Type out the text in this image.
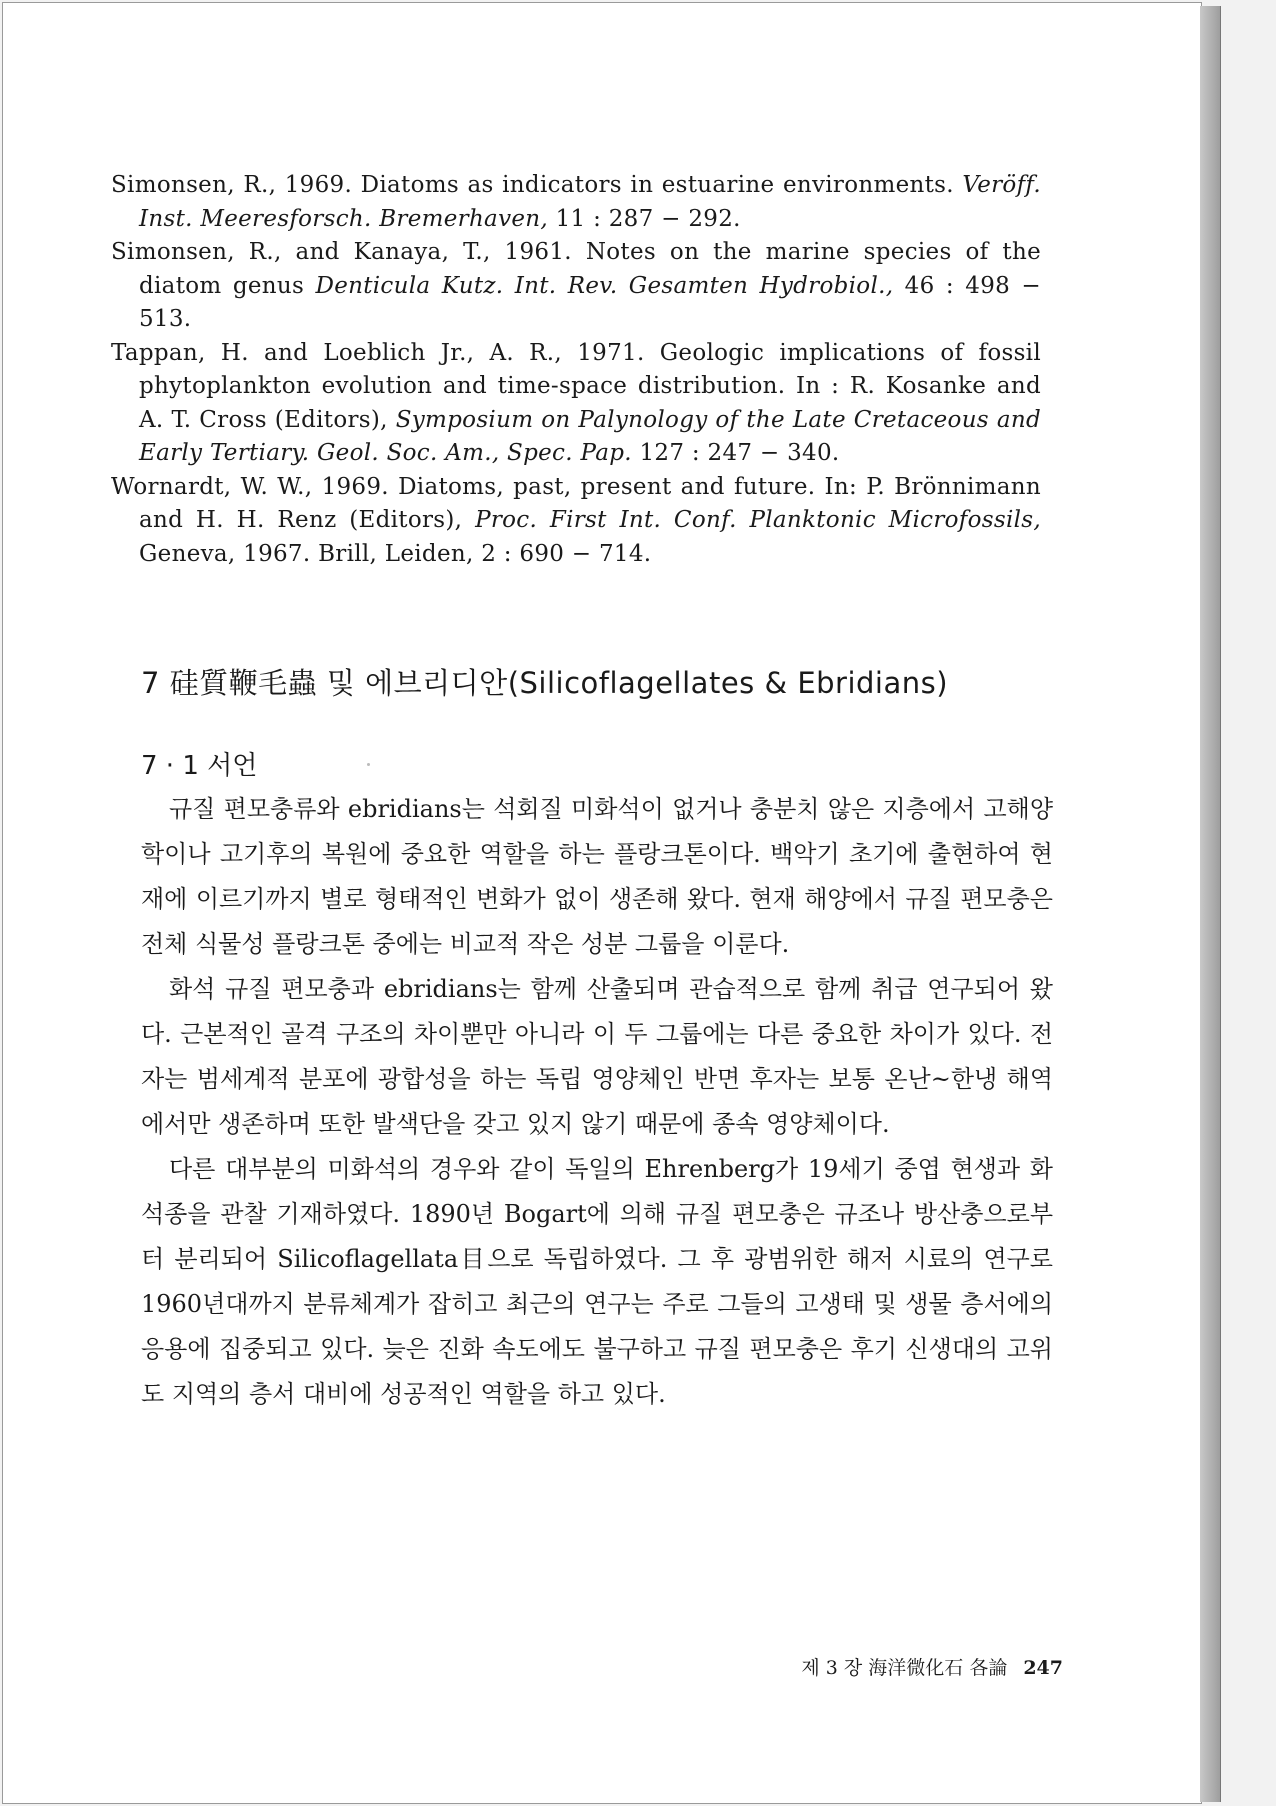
Simonsen, R., 1969. Diatoms as indicators in estuarine environments. Veröff. Inst. Meeresforsch. Bremerhaven, 11 : 287 − 292.
Simonsen, R., and Kanaya, T., 1961. Notes on the marine species of the diatom genus Denticula Kutz. Int. Rev. Gesamten Hydrobiol., 46 : 498 − 513.
Tappan, H. and Loeblich Jr., A. R., 1971. Geologic implications of fossil phytoplankton evolution and time-space distribution. In : R. Kosanke and A. T. Cross (Editors), Symposium on Palynology of the Late Cretaceous and Early Tertiary. Geol. Soc. Am., Spec. Pap. 127 : 247 − 340.
Wornardt, W. W., 1969. Diatoms, past, present and future. In: P. Brönnimann and H. H. Renz (Editors), Proc. First Int. Conf. Planktonic Microfossils, Geneva, 1967. Brill, Leiden, 2 : 690 − 714.
7 硅質鞭毛蟲 및 에브리디안(Silicoflagellates & Ebridians)
7 · 1 서언

규질 편모충류와 ebridians는 석회질 미화석이 없거나 충분치 않은 지층에서 고해양학이나 고기후의 복원에 중요한 역할을 하는 플랑크톤이다. 백악기 초기에 출현하여 현재에 이르기까지 별로 형태적인 변화가 없이 생존해 왔다. 현재 해양에서 규질 편모충은 전체 식물성 플랑크톤 중에는 비교적 작은 성분 그룹을 이룬다.

화석 규질 편모충과 ebridians는 함께 산출되며 관습적으로 함께 취급 연구되어 왔다. 근본적인 골격 구조의 차이뿐만 아니라 이 두 그룹에는 다른 중요한 차이가 있다. 전자는 범세계적 분포에 광합성을 하는 독립 영양체인 반면 후자는 보통 온난~한냉 해역에서만 생존하며 또한 발색단을 갖고 있지 않기 때문에 종속 영양체이다.

다른 대부분의 미화석의 경우와 같이 독일의 Ehrenberg가 19세기 중엽 현생과 화석종을 관찰 기재하였다. 1890년 Bogart에 의해 규질 편모충은 규조나 방산충으로부터 분리되어 Silicoflagellata目으로 독립하였다. 그 후 광범위한 해저 시료의 연구로 1960년대까지 분류체계가 잡히고 최근의 연구는 주로 그들의 고생태 및 생물 층서에의 응용에 집중되고 있다. 늦은 진화 속도에도 불구하고 규질 편모충은 후기 신생대의 고위도 지역의 층서 대비에 성공적인 역할을 하고 있다.

제 3 장 海洋微化石 各論 247
